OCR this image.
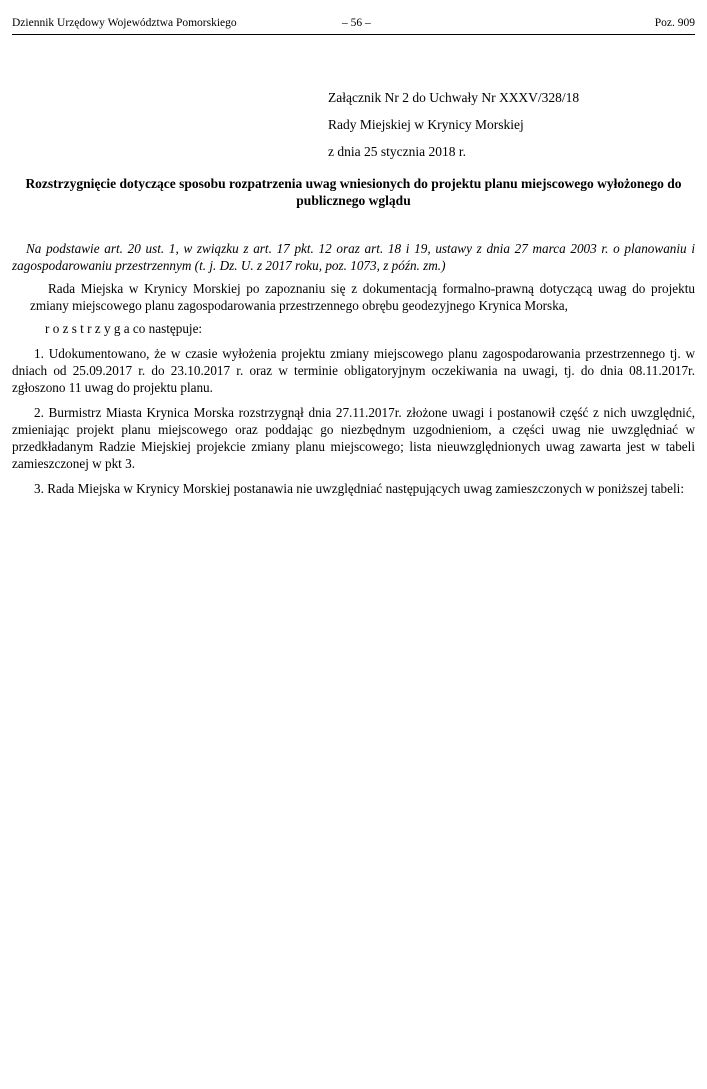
Dziennik Urzędowy Województwa Pomorskiego	– 56 –	Poz. 909
Załącznik Nr 2 do Uchwały Nr XXXV/328/18
Rady Miejskiej w Krynicy Morskiej
z dnia 25 stycznia 2018 r.
Rozstrzygnięcie dotyczące sposobu rozpatrzenia uwag wniesionych do projektu planu miejscowego wyłożonego do publicznego wglądu

Na podstawie art. 20 ust. 1, w związku z art. 17 pkt. 12 oraz art. 18 i 19, ustawy z dnia 27 marca 2003 r. o planowaniu i zagospodarowaniu przestrzennym (t. j. Dz. U. z 2017 roku, poz. 1073, z późn. zm.)

Rada Miejska w Krynicy Morskiej po zapoznaniu się z dokumentacją formalno-prawną dotyczącą uwag do projektu zmiany miejscowego planu zagospodarowania przestrzennego obrębu geodezyjnego Krynica Morska,

r o z s t r z y g a co następuje:

1. Udokumentowano, że w czasie wyłożenia projektu zmiany miejscowego planu zagospodarowania przestrzennego tj. w dniach od 25.09.2017 r. do 23.10.2017 r. oraz w terminie obligatoryjnym oczekiwania na uwagi, tj. do dnia 08.11.2017r. zgłoszono 11 uwag do projektu planu.

2. Burmistrz Miasta Krynica Morska rozstrzygnął dnia 27.11.2017r. złożone uwagi i postanowił część z nich uwzględnić, zmieniając projekt planu miejscowego oraz poddając go niezbędnym uzgodnieniom, a części uwag nie uwzględniać w przedkładanym Radzie Miejskiej projekcie zmiany planu miejscowego; lista nieuwzględnionych uwag zawarta jest w tabeli zamieszczonej w pkt 3.

3. Rada Miejska w Krynicy Morskiej postanawia nie uwzględniać następujących uwag zamieszczonych w poniższej tabeli:
